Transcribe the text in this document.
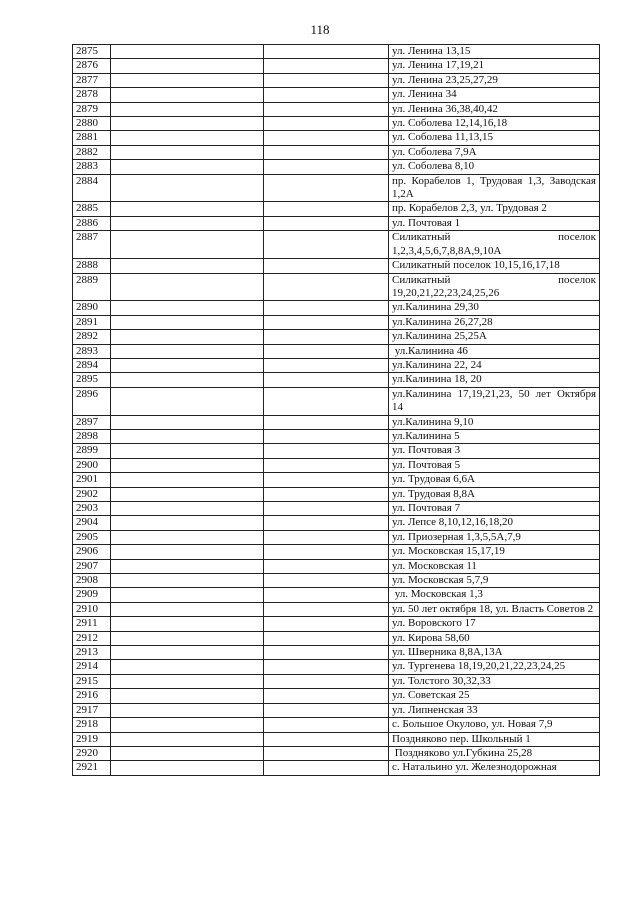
118
2875			ул. Ленина 13,15
2876			ул. Ленина 17,19,21
2877			ул. Ленина 23,25,27,29
2878			ул. Ленина 34
2879			ул. Ленина 36,38,40,42
2880			ул. Соболева 12,14,16,18
2881			ул. Соболева 11,13,15
2882			ул. Соболева 7,9А
2883			ул. Соболева 8,10
2884			пр. Корабелов 1, Трудовая 1,3, Заводская 1,2А
2885			пр. Корабелов 2,3, ул. Трудовая 2
2886			ул. Почтовая 1
2887			Силикатный поселок 1,2,3,4,5,6,7,8,8А,9,10А
2888			Силикатный поселок 10,15,16,17,18
2889			Силикатный поселок 19,20,21,22,23,24,25,26
2890			ул.Калинина 29,30
2891			ул.Калинина 26,27,28
2892			ул.Калинина 25,25А
2893			ул.Калинина 46
2894			ул.Калинина 22, 24
2895			ул.Калинина 18, 20
2896			ул.Калинина 17,19,21,23, 50 лет Октября 14
2897			ул.Калинина 9,10
2898			ул.Калинина 5
2899			ул. Почтовая 3
2900			ул. Почтовая 5
2901			ул. Трудовая 6,6А
2902			ул. Трудовая 8,8А
2903			ул. Почтовая 7
2904			ул. Лепсе 8,10,12,16,18,20
2905			ул. Приозерная 1,3,5,5А,7,9
2906			ул. Московская 15,17,19
2907			ул. Московская 11
2908			ул. Московская 5,7,9
2909			ул. Московская 1,3
2910			ул. 50 лет октября 18, ул. Власть Советов 2
2911			ул. Воровского 17
2912			ул. Кирова 58,60
2913			ул. Шверника 8,8А,13А
2914			ул. Тургенева 18,19,20,21,22,23,24,25
2915			ул. Толстого 30,32,33
2916			ул. Советская 25
2917			ул. Липненская 33
2918			с. Большое Окулово, ул. Новая 7,9
2919			Поздняково пер. Школьный 1
2920			Поздняково ул.Губкина 25,28
2921			с. Натальино ул. Железнодорожная
